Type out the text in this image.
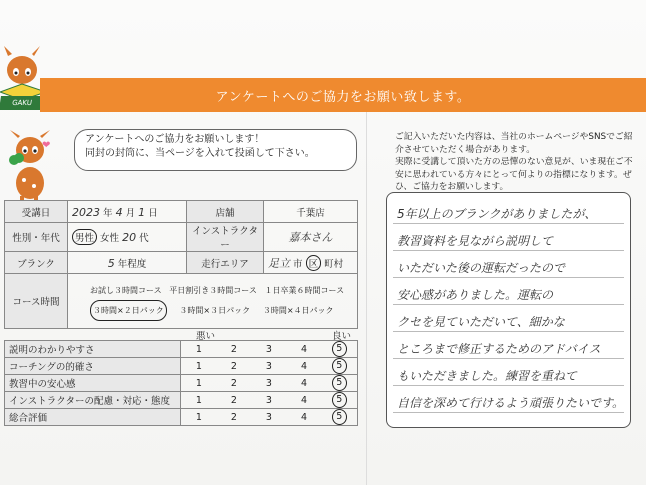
GAKU	アンケートへのご協力をお願い致します。
❤
アンケートへのご協力をお願いします！
同封の封筒に、当ページを入れて投函して下さい。
受講日	2023 年 4 月 1 日	店舗	千葉店
性別・年代	男性 女性 20 代	インストラクター	嘉本さん
ブランク	5 年程度	走行エリア	足立 市 区 町村
コース時間	お試し３時間コース 平日割引き３時間コース １日卒業６時間コース
３時間×２日パック ３時間×３日パック ３時間×４日パック		
悪い	良い
説明のわかりやすさ	1	2	3	4	5
コーチングの的確さ	1	2	3	4	5
教習中の安心感	1	2	3	4	5
インストラクターの配慮・対応・態度	1	2	3	4	5
総合評価	1	2	3	4	5
ご記入いただいた内容は、当社のホームページやSNSでご紹
介させていただく場合があります。
実際に受講して頂いた方の忌憚のない意見が、いま現在ご不
安に思われている方々にとって何よりの指標になります。ぜ
ひ、ご協力をお願いします。
5年以上のブランクがありましたが、
教習資料を見ながら説明して
いただいた後の運転だったので
安心感がありました。運転の
クセを見ていただいて、細かな
ところまで修正するためのアドバイス
もいただきました。練習を重ねて
自信を深めて行けるよう頑張りたいです。
